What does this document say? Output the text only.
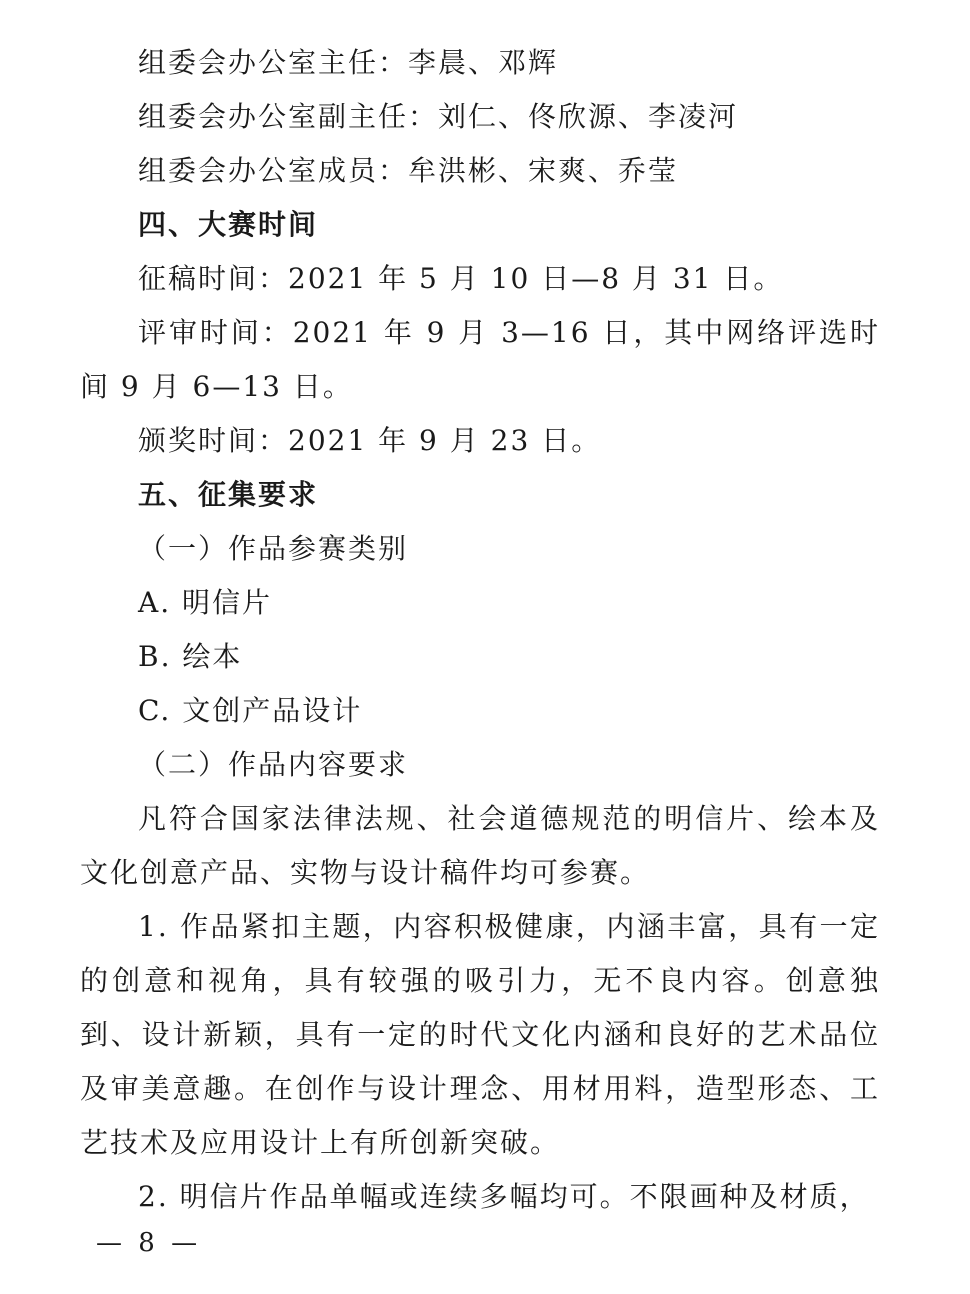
组委会办公室主任：李晨、邓辉

组委会办公室副主任：刘仁、佟欣源、李凌河

组委会办公室成员：牟洪彬、宋爽、乔莹

四、大赛时间

征稿时间：2021 年 5 月 10 日—8 月 31 日。

评审时间：2021 年 9 月 3—16 日，其中网络评选时间 9 月 6—13 日。

颁奖时间：2021 年 9 月 23 日。

五、征集要求

（一）作品参赛类别

A. 明信片

B. 绘本

C. 文创产品设计

（二）作品内容要求

凡符合国家法律法规、社会道德规范的明信片、绘本及文化创意产品、实物与设计稿件均可参赛。

1. 作品紧扣主题，内容积极健康，内涵丰富，具有一定的创意和视角，具有较强的吸引力，无不良内容。创意独到、设计新颖，具有一定的时代文化内涵和良好的艺术品位及审美意趣。在创作与设计理念、用材用料，造型形态、工艺技术及应用设计上有所创新突破。

2. 明信片作品单幅或连续多幅均可。不限画种及材质，

— 8 —
